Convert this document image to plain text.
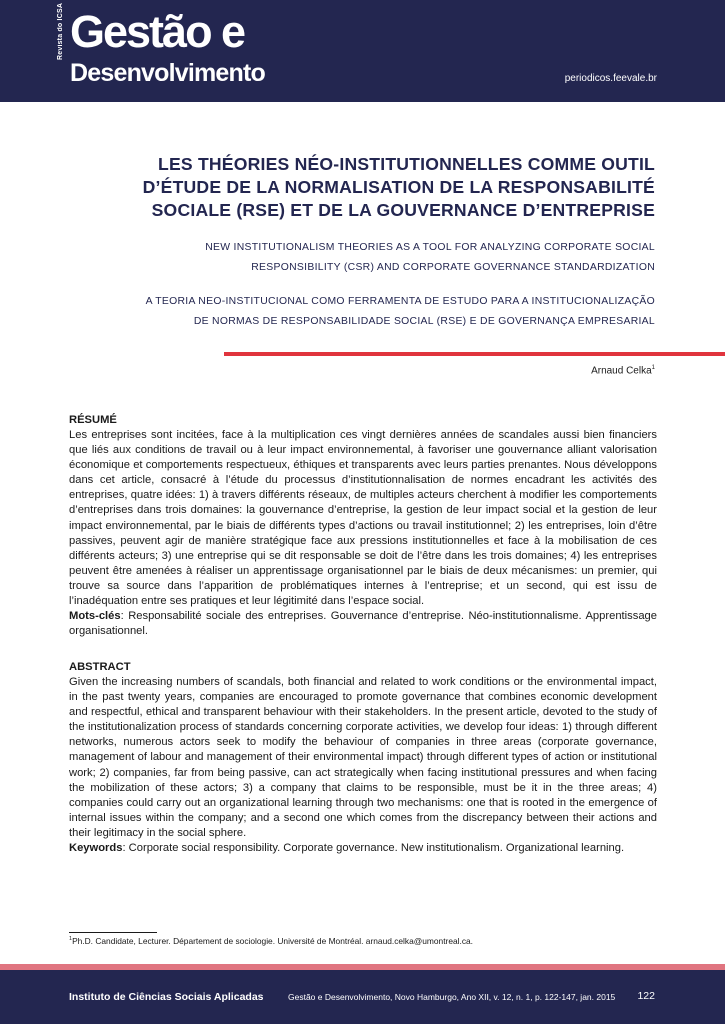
Revista do ICSA Gestão e
Desenvolvimento	periodicos.feevale.br
LES THÉORIES NÉO-INSTITUTIONNELLES COMME OUTIL D’ÉTUDE DE LA NORMALISATION DE LA RESPONSABILITÉ SOCIALE (RSE) ET DE LA GOUVERNANCE D’ENTREPRISE
NEW INSTITUTIONALISM THEORIES AS A TOOL FOR ANALYZING CORPORATE SOCIAL
RESPONSIBILITY (CSR) AND CORPORATE GOVERNANCE STANDARDIZATION
A TEORIA NEO-INSTITUCIONAL COMO FERRAMENTA DE ESTUDO PARA A INSTITUCIONALIZAÇÃO
DE NORMAS DE RESPONSABILIDADE SOCIAL (RSE) E DE GOVERNANÇA EMPRESARIAL
Arnaud Celka$^1$

RÉSUMÉ

Les entreprises sont incitées, face à la multiplication ces vingt dernières années de scandales aussi bien financiers que liés aux conditions de travail ou à leur impact environnemental, à favoriser une gouvernance alliant valorisation économique et comportements respectueux, éthiques et transparents avec leurs parties prenantes. Nous développons dans cet article, consacré à l’étude du processus d’institutionnalisation de normes encadrant les activités des entreprises, quatre idées: 1) à travers différents réseaux, de multiples acteurs cherchent à modifier les comportements d’entreprises dans trois domaines: la gouvernance d’entreprise, la gestion de leur impact social et la gestion de leur impact environnemental, par le biais de différents types d’actions ou travail institutionnel; 2) les entreprises, loin d’être passives, peuvent agir de manière stratégique face aux pressions institutionnelles et face à la mobilisation de ces différents acteurs; 3) une entreprise qui se dit responsable se doit de l’être dans les trois domaines; 4) les entreprises peuvent être amenées à réaliser un apprentissage organisationnel par le biais de deux mécanismes: un premier, qui trouve sa source dans l’apparition de problématiques internes à l’entreprise; et un second, qui est issu de l’inadéquation entre ses pratiques et leur légitimité dans l’espace social.

Mots-clés: Responsabilité sociale des entreprises. Gouvernance d’entreprise. Néo-institutionnalisme. Apprentissage organisationnel.

ABSTRACT

Given the increasing numbers of scandals, both financial and related to work conditions or the environmental impact, in the past twenty years, companies are encouraged to promote governance that combines economic development and respectful, ethical and transparent behaviour with their stakeholders. In the present article, devoted to the study of the institutionalization process of standards concerning corporate activities, we develop four ideas: 1) through different networks, numerous actors seek to modify the behaviour of companies in three areas (corporate governance, management of labour and management of their environmental impact) through different types of action or institutional work; 2) companies, far from being passive, can act strategically when facing institutional pressures and when facing the mobilization of these actors; 3) a company that claims to be responsible, must be it in the three areas; 4) companies could carry out an organizational learning through two mechanisms: one that is rooted in the emergence of internal issues within the company; and a second one which comes from the discrepancy between their actions and their legitimacy in the social sphere.

Keywords: Corporate social responsibility. Corporate governance. New institutionalism. Organizational learning.

$^1$Ph.D. Candidate, Lecturer. Département de sociologie. Université de Montréal. arnaud.celka@umontreal.ca.
Instituto de Ciências Sociais Aplicadas	Gestão e Desenvolvimento, Novo Hamburgo, Ano XII, v. 12, n. 1, p. 122-147, jan. 2015 122
